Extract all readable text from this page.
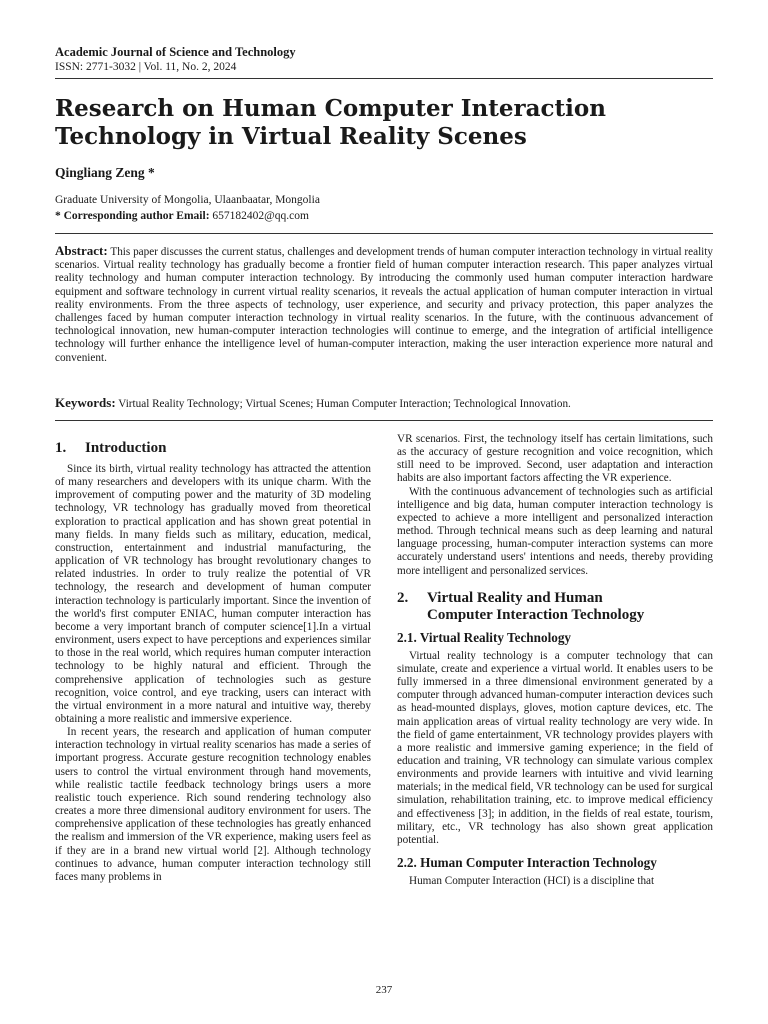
Academic Journal of Science and Technology
ISSN: 2771-3032 | Vol. 11, No. 2, 2024
Research on Human Computer Interaction Technology in Virtual Reality Scenes
Qingliang Zeng *
Graduate University of Mongolia, Ulaanbaatar, Mongolia
* Corresponding author Email: 657182402@qq.com

Abstract: This paper discusses the current status, challenges and development trends of human computer interaction technology in virtual reality scenarios. Virtual reality technology has gradually become a frontier field of human computer interaction research. This paper analyzes virtual reality technology and human computer interaction technology. By introducing the commonly used human computer interaction hardware equipment and software technology in current virtual reality scenarios, it reveals the actual application of human computer interaction in virtual reality environments. From the three aspects of technology, user experience, and security and privacy protection, this paper analyzes the challenges faced by human computer interaction technology in virtual reality scenarios. In the future, with the continuous advancement of technological innovation, new human-computer interaction technologies will continue to emerge, and the integration of artificial intelligence technology will further enhance the intelligence level of human-computer interaction, making the user interaction experience more natural and convenient.

Keywords: Virtual Reality Technology; Virtual Scenes; Human Computer Interaction; Technological Innovation.

1.	Introduction

Since its birth, virtual reality technology has attracted the attention of many researchers and developers with its unique charm. With the improvement of computing power and the maturity of 3D modeling technology, VR technology has gradually moved from theoretical exploration to practical application and has shown great potential in many fields. In many fields such as military, education, medical, construction, entertainment and industrial manufacturing, the application of VR technology has brought revolutionary changes to related industries. In order to truly realize the potential of VR technology, the research and development of human computer interaction technology is particularly important. Since the invention of the world's first computer ENIAC, human computer interaction has become a very important branch of computer science[1].In a virtual environment, users expect to have perceptions and experiences similar to those in the real world, which requires human computer interaction technology to be highly natural and efficient. Through the comprehensive application of technologies such as gesture recognition, voice control, and eye tracking, users can interact with the virtual environment in a more natural and intuitive way, thereby obtaining a more realistic and immersive experience.

In recent years, the research and application of human computer interaction technology in virtual reality scenarios has made a series of important progress. Accurate gesture recognition technology enables users to control the virtual environment through hand movements, while realistic tactile feedback technology brings users a more realistic touch experience. Rich sound rendering technology also creates a more three dimensional auditory environment for users. The comprehensive application of these technologies has greatly enhanced the realism and immersion of the VR experience, making users feel as if they are in a brand new virtual world [2]. Although technology continues to advance, human computer interaction technology still faces many problems in

VR scenarios. First, the technology itself has certain limitations, such as the accuracy of gesture recognition and voice recognition, which still need to be improved. Second, user adaptation and interaction habits are also important factors affecting the VR experience.

With the continuous advancement of technologies such as artificial intelligence and big data, human computer interaction technology is expected to achieve a more intelligent and personalized interaction method. Through technical means such as deep learning and natural language processing, human-computer interaction systems can more accurately understand users' intentions and needs, thereby providing more intelligent and personalized services.

2.	Virtual Reality and Human
Computer Interaction Technology
2.1. Virtual Reality Technology

Virtual reality technology is a computer technology that can simulate, create and experience a virtual world. It enables users to be fully immersed in a three dimensional environment generated by a computer through advanced human-computer interaction devices such as head-mounted displays, gloves, motion capture devices, etc. The main application areas of virtual reality technology are very wide. In the field of game entertainment, VR technology provides players with a more realistic and immersive gaming experience; in the field of education and training, VR technology can simulate various complex environments and provide learners with intuitive and vivid learning materials; in the medical field, VR technology can be used for surgical simulation, rehabilitation training, etc. to improve medical efficiency and effectiveness [3]; in addition, in the fields of real estate, tourism, military, etc., VR technology has also shown great application potential.

2.2. Human Computer Interaction Technology

Human Computer Interaction (HCI) is a discipline that

237
